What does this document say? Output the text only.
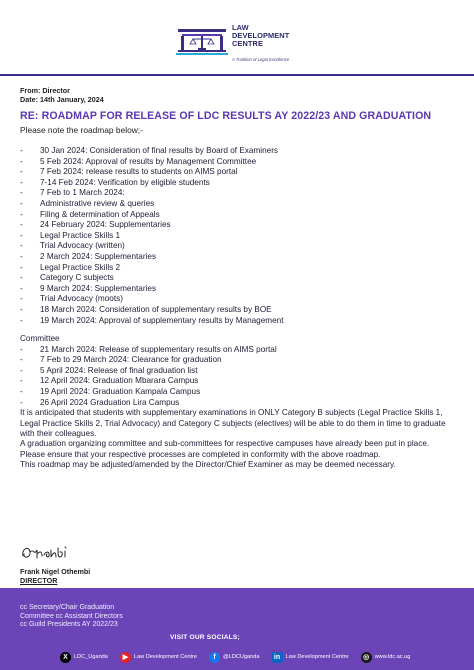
LAW
DEVELOPMENT
CENTRE
A Tradition of Legal Excellence
From: Director
Date: 14th January, 2024
RE: ROADMAP FOR RELEASE OF LDC RESULTS AY 2022/23 AND GRADUATION
Please note the roadmap below;-
- 30 Jan 2024: Consideration of final results by Board of Examiners
- 5 Feb 2024: Approval of results by Management Committee
- 7 Feb 2024: release results to students on AIMS portal
- 7-14 Feb 2024: Verification by eligible students
- 7 Feb to 1 March 2024:
- Administrative review & queries
- Filing & determination of Appeals
- 24 February 2024: Supplementaries
- Legal Practice Skills 1
- Trial Advocacy (written)
- 2 March 2024: Supplementaries
- Legal Practice Skills 2
- Category C subjects
- 9 March 2024: Supplementaries
- Trial Advocacy (moots)
- 18 March 2024: Consideration of supplementary results by BOE
- 19 March 2024: Approval of supplementary results by Management
Committee
- 21 March 2024: Release of supplementary results on AIMS portal
- 7 Feb to 29 March 2024: Clearance for graduation
- 5 April 2024: Release of final graduation list
- 12 April 2024: Graduation Mbarara Campus
- 19 April 2024: Graduation Kampala Campus
- 26 April 2024 Graduation Lira Campus
It is anticipated that students with supplementary examinations in ONLY Category B subjects (Legal Practice Skills 1, Legal Practice Skills 2, Trial Advocacy) and Category C subjects (electives) will be able to do them in time to graduate with their colleagues.
A graduation organizing committee and sub-committees for respective campuses have already been put in place.
Please ensure that your respective processes are completed in conformity with the above roadmap.
This roadmap may be adjusted/amended by the Director/Chief Examiner as may be deemed necessary.
Frank Nigel Othembi
DIRECTOR
cc Secretary/Chair Graduation
Committee cc Assistant Directors
cc Guild Presidents AY 2022/23
VISIT OUR SOCIALS;
X	LDC_Uganda	▶	Law Development Centre	f	@LDCUganda	in Law Development Centre	◎ www.ldc.ac.ug
